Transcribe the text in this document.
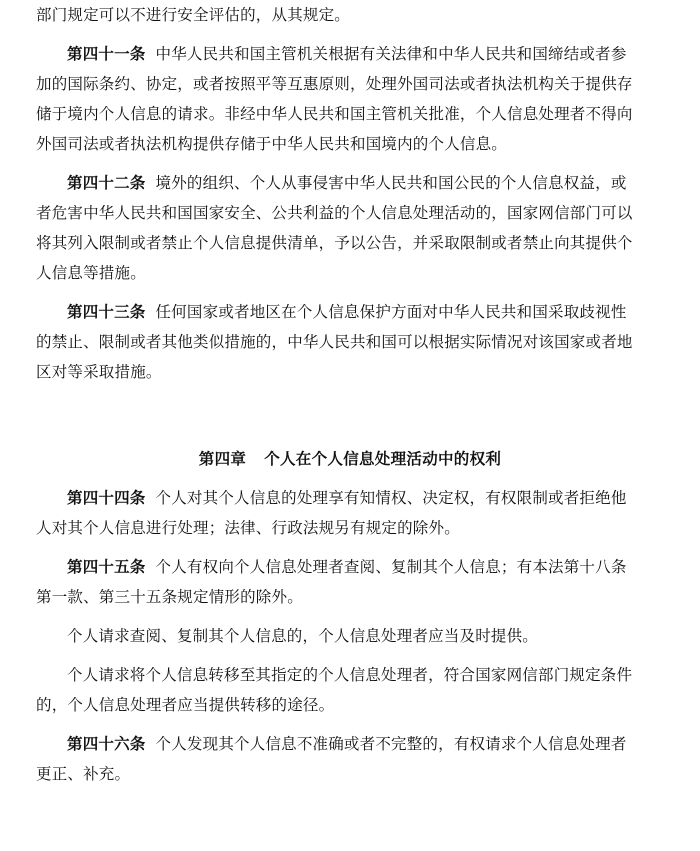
部门规定可以不进行安全评估的，从其规定。
第四十一条 中华人民共和国主管机关根据有关法律和中华人民共和国缔结或者参
加的国际条约、协定，或者按照平等互惠原则，处理外国司法或者执法机构关于提供存
储于境内个人信息的请求。非经中华人民共和国主管机关批准，个人信息处理者不得向
外国司法或者执法机构提供存储于中华人民共和国境内的个人信息。
第四十二条 境外的组织、个人从事侵害中华人民共和国公民的个人信息权益，或
者危害中华人民共和国国家安全、公共利益的个人信息处理活动的，国家网信部门可以
将其列入限制或者禁止个人信息提供清单，予以公告，并采取限制或者禁止向其提供个
人信息等措施。
第四十三条 任何国家或者地区在个人信息保护方面对中华人民共和国采取歧视性
的禁止、限制或者其他类似措施的，中华人民共和国可以根据实际情况对该国家或者地
区对等采取措施。
第四章 个人在个人信息处理活动中的权利
第四十四条 个人对其个人信息的处理享有知情权、决定权，有权限制或者拒绝他
人对其个人信息进行处理；法律、行政法规另有规定的除外。
第四十五条 个人有权向个人信息处理者查阅、复制其个人信息；有本法第十八条
第一款、第三十五条规定情形的除外。
个人请求查阅、复制其个人信息的，个人信息处理者应当及时提供。
个人请求将个人信息转移至其指定的个人信息处理者，符合国家网信部门规定条件
的，个人信息处理者应当提供转移的途径。
第四十六条 个人发现其个人信息不准确或者不完整的，有权请求个人信息处理者
更正、补充。
